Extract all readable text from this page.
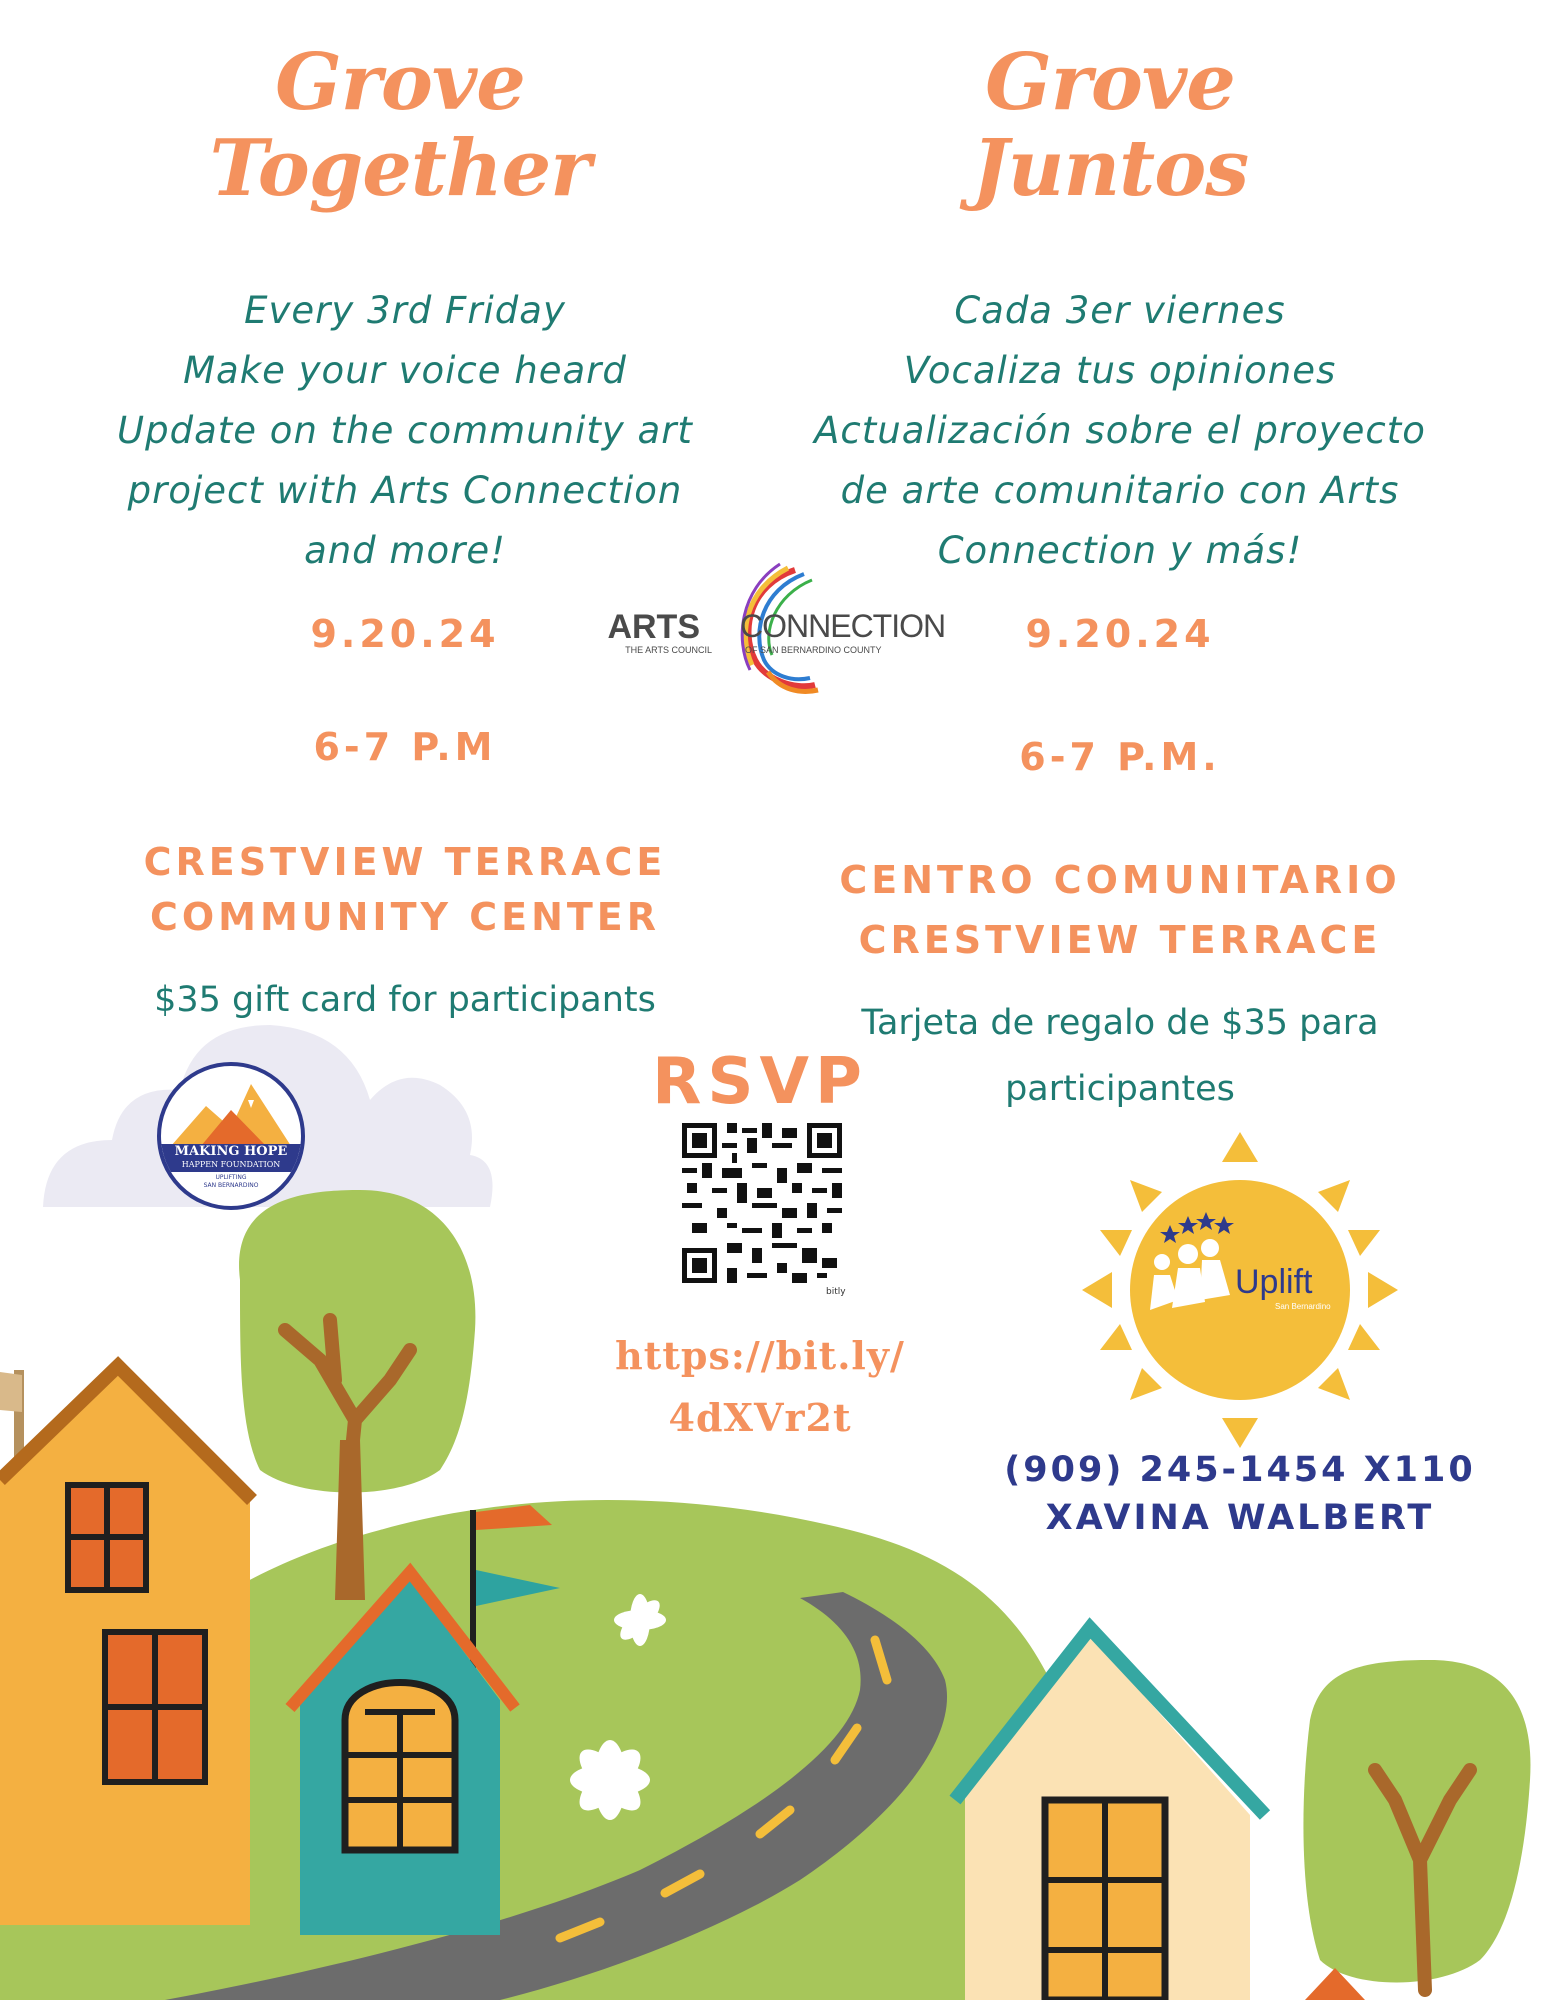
Grove
Together
Every 3rd Friday
Make your voice heard
Update on the community art
project with Arts Connection
and more!
9.20.24
6-7 P.M
CRESTVIEW TERRACE
COMMUNITY CENTER
$35 gift card for participants
MAKING HOPE
HAPPEN FOUNDATION
UPLIFTING
SAN BERNARDINO
Grove
Juntos
Cada 3er viernes
Vocaliza tus opiniones
Actualización sobre el proyecto
de arte comunitario con Arts
Connection y más!
9.20.24
6-7 P.M.
CENTRO COMUNITARIO
CRESTVIEW TERRACE
Tarjeta de regalo de $35 para
participantes
ARTS
THE ARTS COUNCIL
CONNECTION
OF SAN BERNARDINO COUNTY
RSVP
bitly
https://bit.ly/
4dXVr2t
Uplift
San Bernardino
(909) 245-1454 X110
XAVINA WALBERT
